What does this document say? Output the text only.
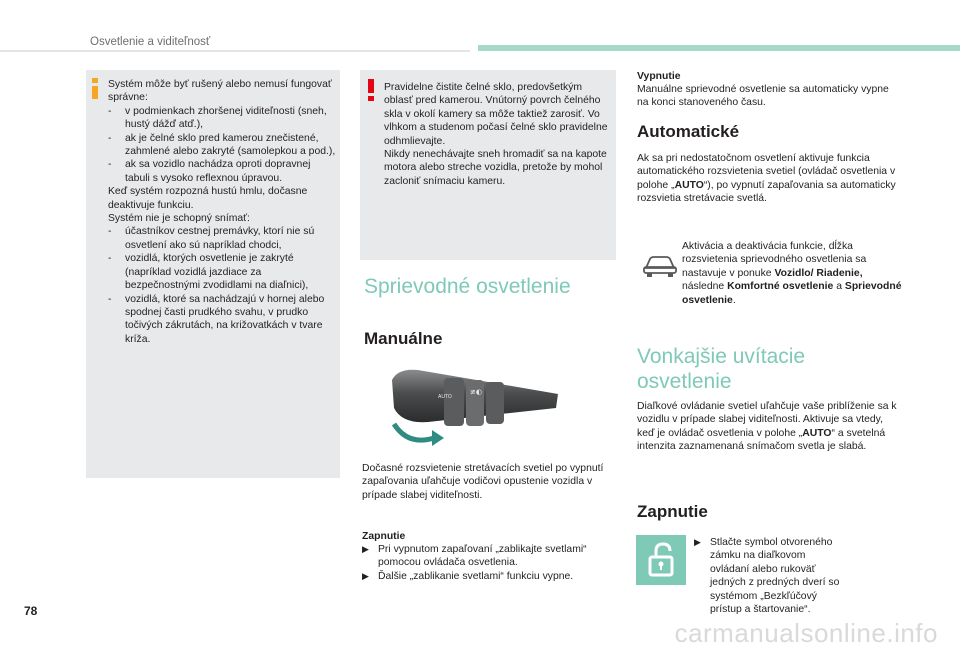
Osvetlenie a viditeľnosť
Systém môže byť rušený alebo nemusí fungovať správne:
- v podmienkach zhoršenej viditeľnosti (sneh, hustý dážď atď.),
- ak je čelné sklo pred kamerou znečistené, zahmlené alebo zakryté (samolepkou a pod.),
- ak sa vozidlo nachádza oproti dopravnej tabuli s vysoko reflexnou úpravou.
Keď systém rozpozná hustú hmlu, dočasne deaktivuje funkciu.
Systém nie je schopný snímať:
- účastníkov cestnej premávky, ktorí nie sú osvetlení ako sú napríklad chodci,
- vozidlá, ktorých osvetlenie je zakryté (napríklad vozidlá jazdiace za bezpečnostnými zvodidlami na diaľnici),
- vozidlá, ktoré sa nachádzajú v hornej alebo spodnej časti prudkého svahu, v prudko točivých zákrutách, na križovatkách v tvare kríža.
Pravidelne čistite čelné sklo, predovšetkým oblasť pred kamerou. Vnútorný povrch čelného skla v okolí kamery sa môže taktiež zarosiť. Vo vlhkom a studenom počasí čelné sklo pravidelne odhmlievajte.
Nikdy nenechávajte sneh hromadiť sa na kapote motora alebo streche vozidla, pretože by mohol zacloniť snímaciu kameru.
Sprievodné osvetlenie
Manuálne
AUTO
≢◐
Dočasné rozsvietenie stretávacích svetiel po vypnutí zapaľovania uľahčuje vodičovi opustenie vozidla v prípade slabej viditeľnosti.
Zapnutie
▶ Pri vypnutom zapaľovaní „zablikajte svetlami“ pomocou ovládača osvetlenia.
▶ Ďalšie „zablikanie svetlami“ funkciu vypne.
Vypnutie
Manuálne sprievodné osvetlenie sa automaticky vypne na konci stanoveného času.
Automatické
Ak sa pri nedostatočnom osvetlení aktivuje funkcia automatického rozsvietenia svetiel (ovládač osvetlenia v polohe „AUTO“), po vypnutí zapaľovania sa automaticky rozsvietia stretávacie svetlá.
Aktivácia a deaktivácia funkcie, dĺžka rozsvietenia sprievodného osvetlenia sa nastavuje v ponuke Vozidlo/ Riadenie, následne Komfortné osvetlenie a Sprievodné osvetlenie.
Vonkajšie uvítacie
osvetlenie
Diaľkové ovládanie svetiel uľahčuje vaše priblíženie sa k vozidlu v prípade slabej viditeľnosti. Aktivuje sa vtedy, keď je ovládač osvetlenia v polohe „AUTO“ a svetelná intenzita zaznamenaná snímačom svetla je slabá.
Zapnutie
▶ Stlačte symbol otvoreného zámku na diaľkovom ovládaní alebo rukoväť jedných z predných dverí so systémom „Bezkľúčový prístup a štartovanie“.
78
carmanualsonline.info
